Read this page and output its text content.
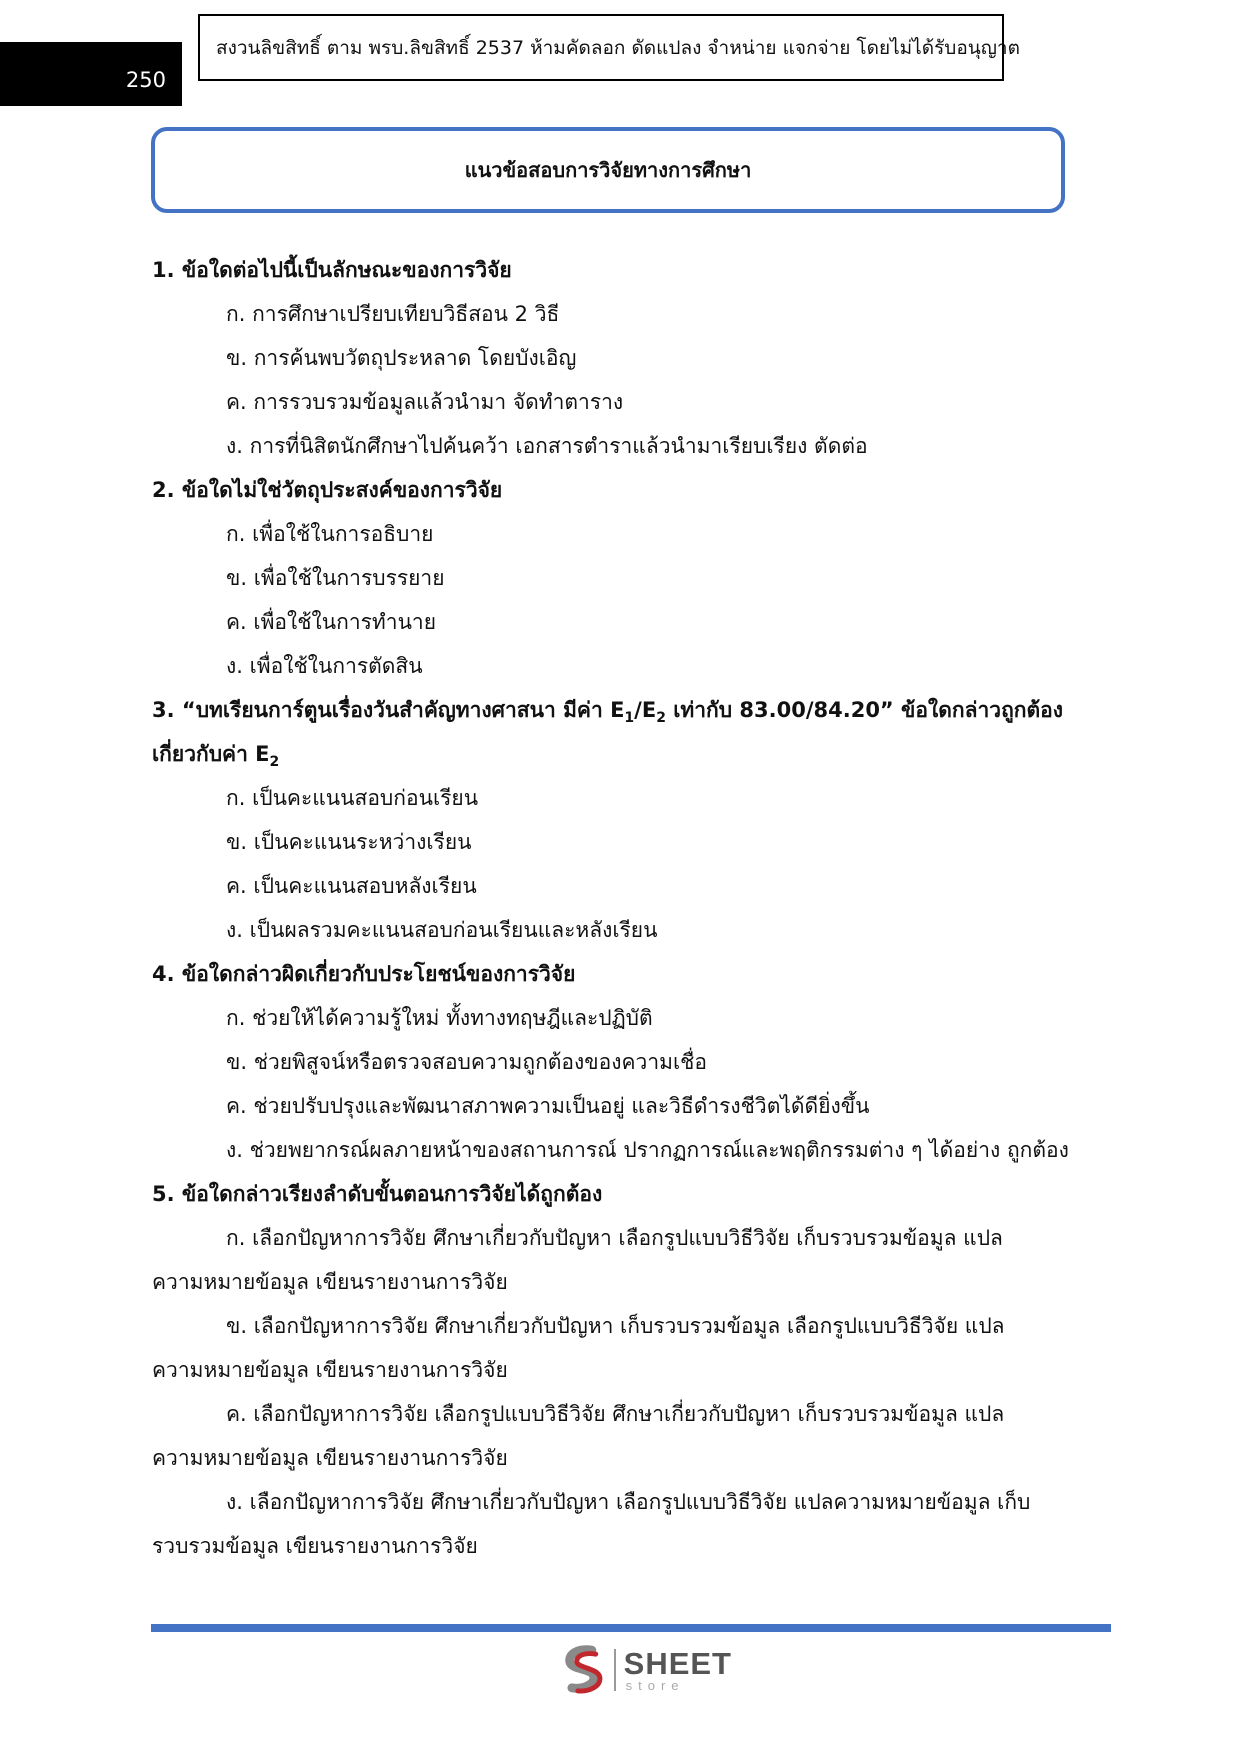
250
สงวนลิขสิทธิ์ ตาม พรบ.ลิขสิทธิ์ 2537 ห้ามคัดลอก ดัดแปลง จำหน่าย แจกจ่าย โดยไม่ได้รับอนุญาต
แนวข้อสอบการวิจัยทางการศึกษา
1. ข้อใดต่อไปนี้เป็นลักษณะของการวิจัย
ก. การศึกษาเปรียบเทียบวิธีสอน 2 วิธี
ข. การค้นพบวัตถุประหลาด โดยบังเอิญ
ค. การรวบรวมข้อมูลแล้วนำมา จัดทำตาราง
ง. การที่นิสิตนักศึกษาไปค้นคว้า เอกสารตำราแล้วนำมาเรียบเรียง ตัดต่อ
2. ข้อใดไม่ใช่วัตถุประสงค์ของการวิจัย
ก. เพื่อใช้ในการอธิบาย
ข. เพื่อใช้ในการบรรยาย
ค. เพื่อใช้ในการทำนาย
ง. เพื่อใช้ในการตัดสิน
3. “บทเรียนการ์ตูนเรื่องวันสำคัญทางศาสนา มีค่า $E_1/E_2$ เท่ากับ 83.00/84.20” ข้อใดกล่าวถูกต้อง
เกี่ยวกับค่า $E_2$
ก. เป็นคะแนนสอบก่อนเรียน
ข. เป็นคะแนนระหว่างเรียน
ค. เป็นคะแนนสอบหลังเรียน
ง. เป็นผลรวมคะแนนสอบก่อนเรียนและหลังเรียน
4. ข้อใดกล่าวผิดเกี่ยวกับประโยชน์ของการวิจัย
ก. ช่วยให้ได้ความรู้ใหม่ ทั้งทางทฤษฎีและปฏิบัติ
ข. ช่วยพิสูจน์หรือตรวจสอบความถูกต้องของความเชื่อ
ค. ช่วยปรับปรุงและพัฒนาสภาพความเป็นอยู่ และวิธีดำรงชีวิตได้ดียิ่งขึ้น
ง. ช่วยพยากรณ์ผลภายหน้าของสถานการณ์ ปรากฏการณ์และพฤติกรรมต่าง ๆ ได้อย่าง ถูกต้อง
5. ข้อใดกล่าวเรียงลำดับขั้นตอนการวิจัยได้ถูกต้อง
ก. เลือกปัญหาการวิจัย ศึกษาเกี่ยวกับปัญหา เลือกรูปแบบวิธีวิจัย เก็บรวบรวมข้อมูล แปล
ความหมายข้อมูล เขียนรายงานการวิจัย
ข. เลือกปัญหาการวิจัย ศึกษาเกี่ยวกับปัญหา เก็บรวบรวมข้อมูล เลือกรูปแบบวิธีวิจัย แปล
ความหมายข้อมูล เขียนรายงานการวิจัย
ค. เลือกปัญหาการวิจัย เลือกรูปแบบวิธีวิจัย ศึกษาเกี่ยวกับปัญหา เก็บรวบรวมข้อมูล แปล
ความหมายข้อมูล เขียนรายงานการวิจัย
ง. เลือกปัญหาการวิจัย ศึกษาเกี่ยวกับปัญหา เลือกรูปแบบวิธีวิจัย แปลความหมายข้อมูล เก็บ
รวบรวมข้อมูล เขียนรายงานการวิจัย
SHEET
store
